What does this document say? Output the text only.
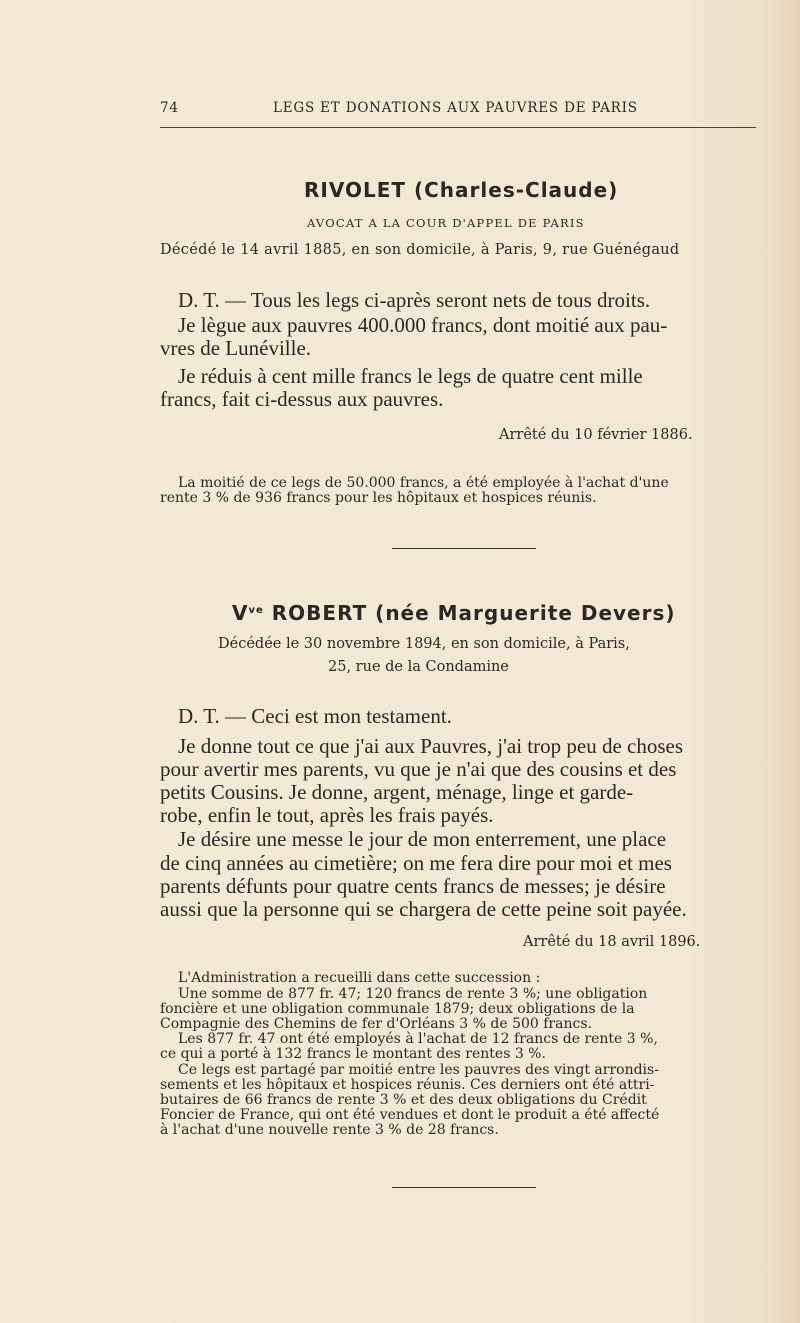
74	LEGS ET DONATIONS AUX PAUVRES DE PARIS
RIVOLET (Charles-Claude)
AVOCAT A LA COUR D'APPEL DE PARIS
Décédé le 14 avril 1885, en son domicile, à Paris, 9, rue Guénégaud
D. T. — Tous les legs ci-après seront nets de tous droits.
Je lègue aux pauvres 400.000 francs, dont moitié aux pau-
vres de Lunéville.
Je réduis à cent mille francs le legs de quatre cent mille
francs, fait ci-dessus aux pauvres.
Arrêté du 10 février 1886.
La moitié de ce legs de 50.000 francs, a été employée à l'achat d'une
rente 3 % de 936 francs pour les hôpitaux et hospices réunis.
$V^{ve}$ ROBERT (née Marguerite Devers)
Décédée le 30 novembre 1894, en son domicile, à Paris,
25, rue de la Condamine
D. T. — Ceci est mon testament.
Je donne tout ce que j'ai aux Pauvres, j'ai trop peu de choses
pour avertir mes parents, vu que je n'ai que des cousins et des
petits Cousins. Je donne, argent, ménage, linge et garde-
robe, enfin le tout, après les frais payés.
Je désire une messe le jour de mon enterrement, une place
de cinq années au cimetière; on me fera dire pour moi et mes
parents défunts pour quatre cents francs de messes; je désire
aussi que la personne qui se chargera de cette peine soit payée.
Arrêté du 18 avril 1896.
L'Administration a recueilli dans cette succession :
Une somme de 877 fr. 47; 120 francs de rente 3 %; une obligation
foncière et une obligation communale 1879; deux obligations de la
Compagnie des Chemins de fer d'Orléans 3 % de 500 francs.
Les 877 fr. 47 ont été employés à l'achat de 12 francs de rente 3 %,
ce qui a porté à 132 francs le montant des rentes 3 %.
Ce legs est partagé par moitié entre les pauvres des vingt arrondis-
sements et les hôpitaux et hospices réunis. Ces derniers ont été attri-
butaires de 66 francs de rente 3 % et des deux obligations du Crédit
Foncier de France, qui ont été vendues et dont le produit a été affecté
à l'achat d'une nouvelle rente 3 % de 28 francs.
